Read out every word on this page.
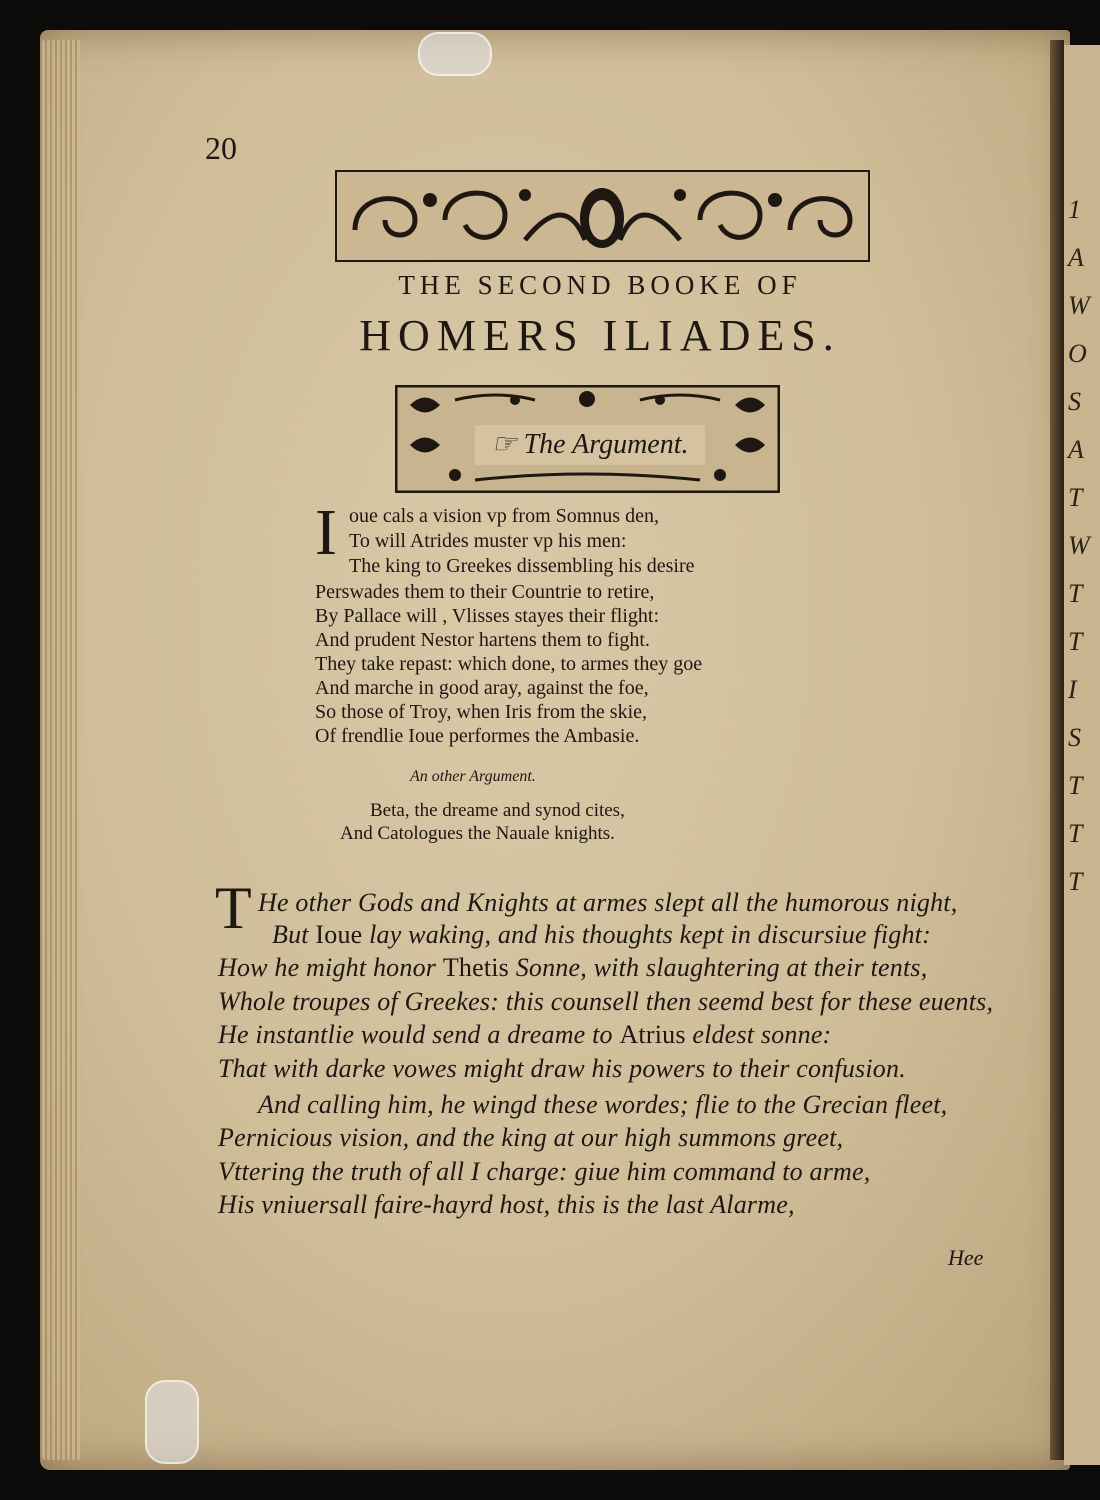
1
A
W
O
S
A
T
W
T
T
I
S
T
T
T
20
THE SECOND BOOKE OF
HOMERS ILIADES.
☞ The Argument.
I oue cals a vision vp from Somnus den,
To will Atrides muster vp his men:
The king to Greekes dissembling his desire
Perswades them to their Countrie to retire,
By Pallace will , Vlisses stayes their flight:
And prudent Nestor hartens them to fight.
They take repast: which done, to armes they goe
And marche in good aray, against the foe,
So those of Troy, when Iris from the skie,
Of frendlie Ioue performes the Ambasie.
An other Argument.
Beta, the dreame and synod cites,
And Catologues the Nauale knights.
T He other Gods and Knights at armes slept all the humorous night,
But Ioue lay waking, and his thoughts kept in discursiue fight:
How he might honor Thetis Sonne, with slaughtering at their tents,
Whole troupes of Greekes: this counsell then seemd best for these euents,
He instantlie would send a dreame to Atrius eldest sonne:
That with darke vowes might draw his powers to their confusion.
And calling him, he wingd these wordes; flie to the Grecian fleet,
Pernicious vision, and the king at our high summons greet,
Vttering the truth of all I charge: giue him command to arme,
His vniuersall faire-hayrd host, this is the last Alarme,
Hee
